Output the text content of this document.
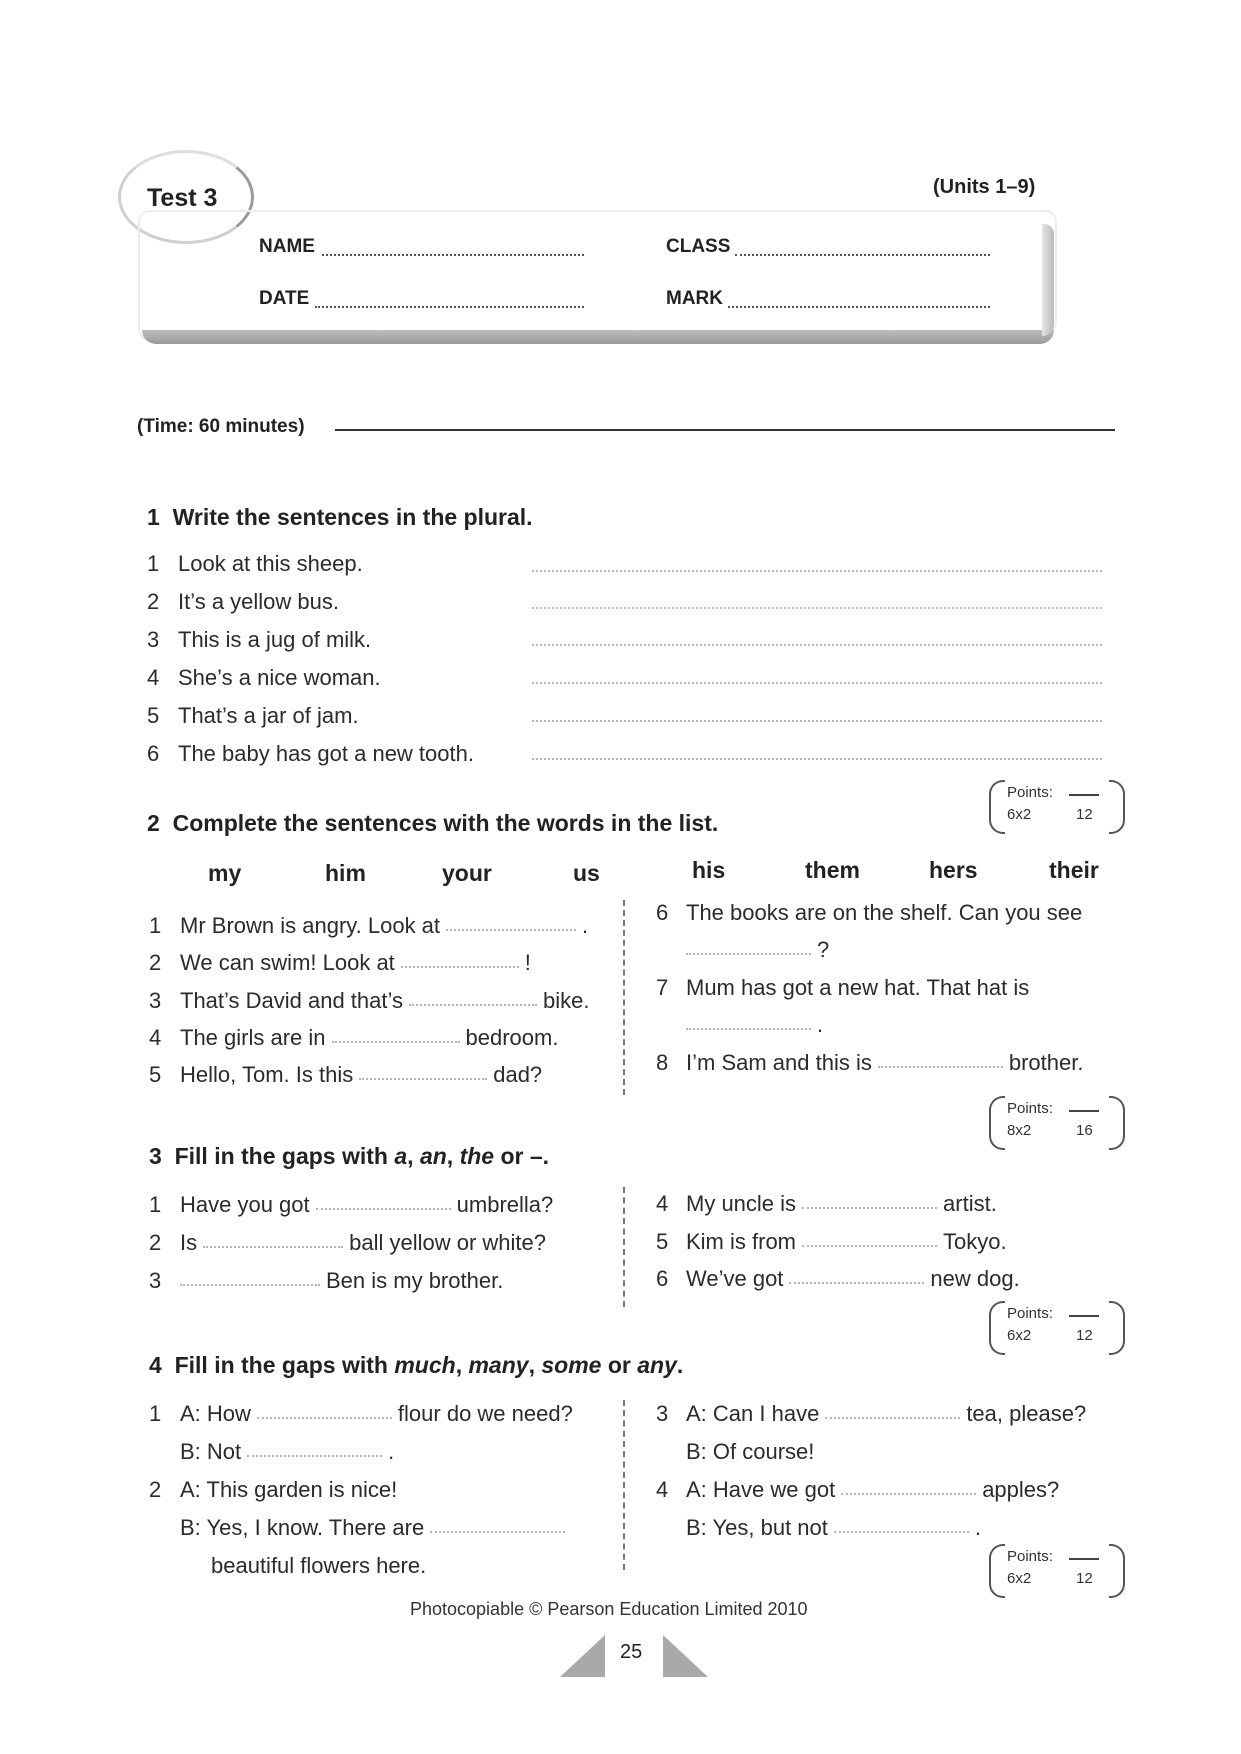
Test 3	(Units 1–9)
NAME	CLASS
DATE	MARK
(Time: 60 minutes)
1 Write the sentences in the plural.
1 Look at this sheep.
2 It’s a yellow bus.
3 This is a jug of milk.
4 She’s a nice woman.
5 That’s a jar of jam.
6 The baby has got a new tooth.
Points:
6x2	12
2 Complete the sentences with the words in the list.
my	him	your	us	his	them	hers	their
1 Mr Brown is angry. Look at	.
2 We can swim! Look at	!
3 That’s David and that’s	bike.
4 The girls are in	bedroom.
5 Hello, Tom. Is this	dad?
6 The books are on the shelf. Can you see
?
7 Mum has got a new hat. That hat is
.
8 I’m Sam and this is	brother.
Points:
8x2	16
3 Fill in the gaps with a, an, the or –.
1 Have you got	umbrella?
2 Is	ball yellow or white?
3	Ben is my brother.
4 My uncle is	artist.
5 Kim is from	Tokyo.
6 We’ve got	new dog.
Points:
6x2	12
4 Fill in the gaps with much, many, some or any.
1 A: How	flour do we need?
B: Not	.
2 A: This garden is nice!
B: Yes, I know. There are
beautiful flowers here.
3 A: Can I have	tea, please?
B: Of course!
4 A: Have we got	apples?
B: Yes, but not	.
Points:
6x2	12
Photocopiable © Pearson Education Limited 2010
25
